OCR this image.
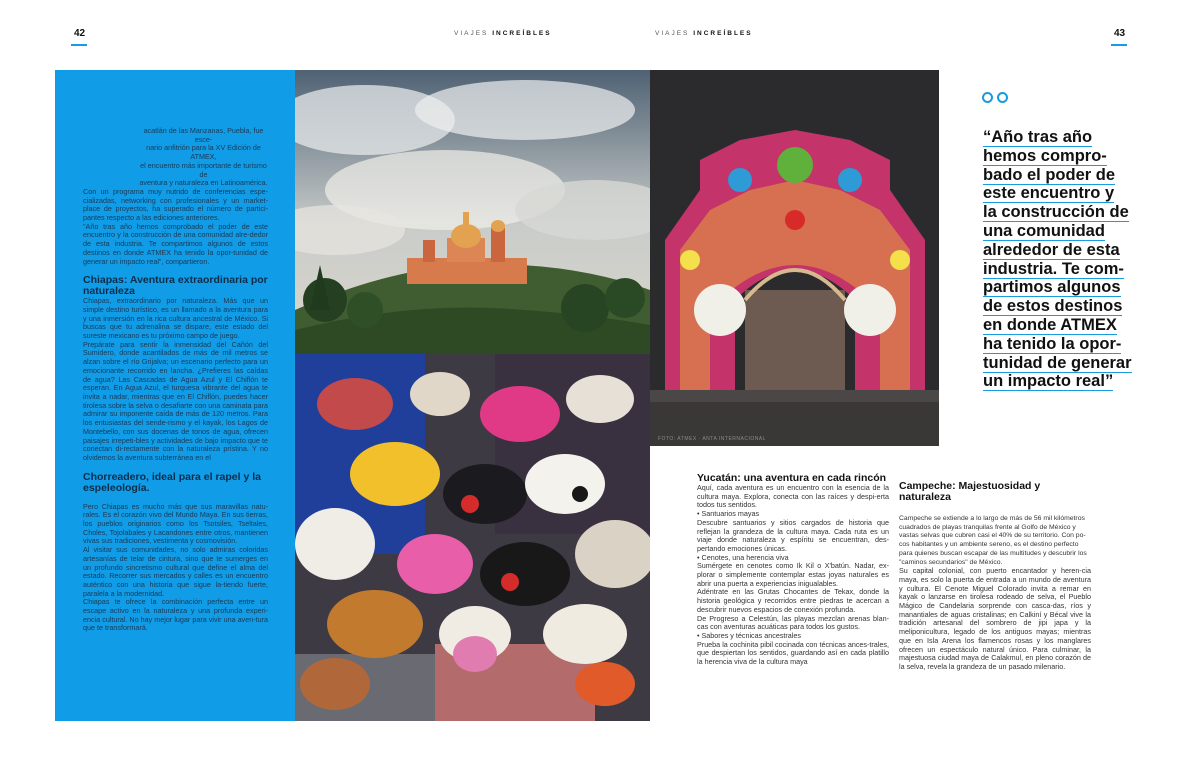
42	VIAJES INCREÍBLES	VIAJES INCREÍBLES	43

acatlán de las Manzanas, Puebla, fue esce-

nario anfitrión para la XV Edición de ATMEX,

el encuentro más importante de turismo de

aventura y naturaleza en Latinoamérica.

Con un programa muy nutrido de conferencias espe-cializadas, networking con profesionales y un market-place de proyectos, ha superado el número de partici-pantes respecto a las ediciones anteriores.

"Año tras año hemos comprobado el poder de este encuentro y la construcción de una comunidad alre-dedor de esta industria. Te compartimos algunos de estos destinos en donde ATMEX ha tenido la opor-tunidad de generar un impacto real", compartieron.

Chiapas: Aventura extraordinaria por naturaleza

Chiapas, extraordinario por naturaleza. Más que un simple destino turístico, es un llamado a la aventura para y una inmersión en la rica cultura ancestral de México. Si buscas que tu adrenalina se dispare, este estado del sureste mexicano es tu próximo campo de juego.

Prepárate para sentir la inmensidad del Cañón del Sumidero, donde acantilados de más de mil metros se alzan sobre el río Grijalva; un escenario perfecto para un emocionante recorrido en lancha. ¿Prefieres las caídas de agua? Las Cascadas de Agua Azul y El Chiflón te esperan. En Agua Azul, el turquesa vibrante del agua te invita a nadar, mientras que en El Chiflón, puedes hacer tirolesa sobre la selva o desafiarte con una caminata para admirar su imponente caída de más de 120 metros. Para los entusiastas del sende-rismo y el kayak, los Lagos de Montebello, con sus docenas de tonos de agua, ofrecen paisajes irrepeti-bles y actividades de bajo impacto que te conectan di-rectamente con la naturaleza prístina. Y no olvidemos la aventura subterránea en el

Chorreadero, ideal para el rapel y la espeleología.

Pero Chiapas es mucho más que sus maravillas natu-rales. Es el corazón vivo del Mundo Maya. En sus tierras, los pueblos originarios como los Tsotsiles, Tseltales, Choles, Tojolabales y Lacandones entre otros, mantienen vivas sus tradiciones, vestimenta y cosmovisión.

Al visitar sus comunidades, no solo admiras coloridas artesanías de telar de cintura, sino que te sumerges en un profundo sincretismo cultural que define el alma del estado. Recorrer sus mercados y calles es un encuentro auténtico con una historia que sigue la-tiendo fuerte, paralela a la modernidad.

Chiapas te ofrece la combinación perfecta entre un escape activo en la naturaleza y una profunda experi-encia cultural. No hay mejor lugar para vivir una aven-tura que te transformará.

FOTO: ATMEX · ANTA INTERNACIONAL
“Año tras año
hemos compro-
bado el poder de
este encuentro y
la construcción de
una comunidad
alrededor de esta
industria. Te com-
partimos algunos
de estos destinos
en donde ATMEX
ha tenido la opor-
tunidad de generar
un impacto real”

Yucatán: una aventura en cada rincón

Aquí, cada aventura es un encuentro con la esencia de la cultura maya. Explora, conecta con las raíces y despi-erta todos tus sentidos.

• Santuarios mayas

Descubre santuarios y sitios cargados de historia que reflejan la grandeza de la cultura maya. Cada ruta es un viaje donde naturaleza y espíritu se encuentran, des-pertando emociones únicas.

• Cenotes, una herencia viva

Sumérgete en cenotes como Ik Kil o X'batún. Nadar, ex-plorar o simplemente contemplar estas joyas naturales es abrir una puerta a experiencias inigualables.

Adéntrate en las Grutas Chocantes de Tekax, donde la historia geológica y recorridos entre piedras te acercan a descubrir nuevos espacios de conexión profunda.

De Progreso a Celestún, las playas mezclan arenas blan-cas con aventuras acuáticas para todos los gustos.

• Sabores y técnicas ancestrales

Prueba la cochinita pibil cocinada con técnicas ances-trales, que despiertan los sentidos, guardando así en cada platillo la herencia viva de la cultura maya

Campeche: Majestuosidad y naturaleza

Campeche se extiende a lo largo de más de 56 mil kilómetros cuadrados de playas tranquilas frente al Golfo de México y vastas selvas que cubren casi el 40% de su territorio. Con po-cos habitantes y un ambiente sereno, es el destino perfecto para quienes buscan escapar de las multitudes y descubrir los "caminos secundarios" de México.

Su capital colonial, con puerto encantador y heren-cia maya, es solo la puerta de entrada a un mundo de aventura y cultura. El Cenote Miguel Colorado invita a remar en kayak o lanzarse en tirolesa rodeado de selva, el Pueblo Mágico de Candelaria sorprende con casca-das, ríos y manantiales de aguas cristalinas; en Calkiní y Bécal vive la tradición artesanal del sombrero de jipi japa y la meliponicultura, legado de los antiguos mayas; mientras que en Isla Arena los flamencos rosas y los manglares ofrecen un espectáculo natural único. Para culminar, la majestuosa ciudad maya de Calakmul, en pleno corazón de la selva, revela la grandeza de un pasado milenario.
